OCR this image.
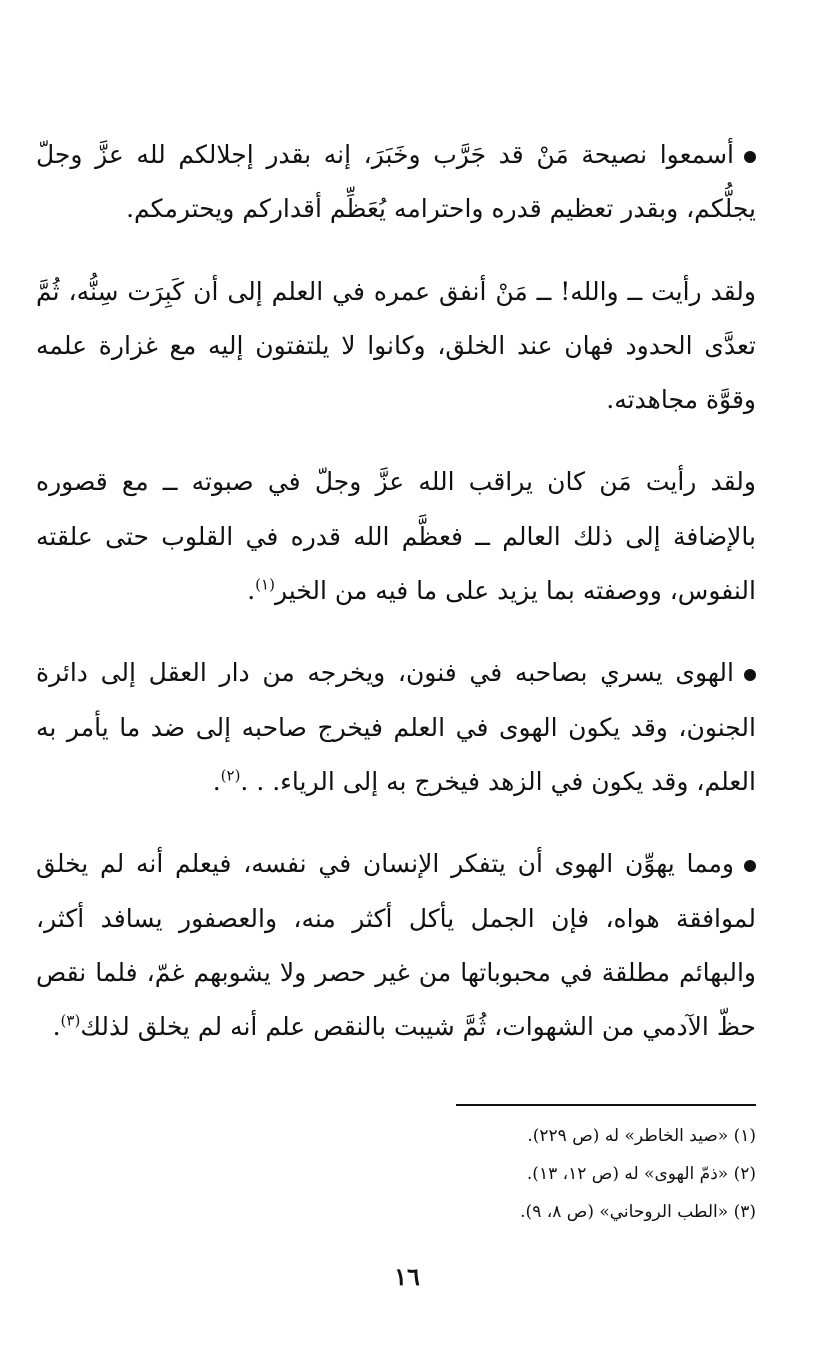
أسمعوا نصيحة مَنْ قد جَرَّب وخَبَرَ، إنه بقدر إجلالكم لله عزَّ وجلّ يجلُّكم، وبقدر تعظيم قدره واحترامه يُعَظِّم أقداركم ويحترمكم.

ولقد رأيت ــ والله! ــ مَنْ أنفق عمره في العلم إلى أن كَبِرَت سِنُّه، ثُمَّ تعدَّى الحدود فهان عند الخلق، وكانوا لا يلتفتون إليه مع غزارة علمه وقوَّة مجاهدته.

ولقد رأيت مَن كان يراقب الله عزَّ وجلّ في صبوته ــ مع قصوره بالإضافة إلى ذلك العالم ــ فعظَّم الله قدره في القلوب حتى علقته النفوس، ووصفته بما يزيد على ما فيه من الخير$^{(١)}$.

الهوى يسري بصاحبه في فنون، ويخرجه من دار العقل إلى دائرة الجنون، وقد يكون الهوى في العلم فيخرج صاحبه إلى ضد ما يأمر به العلم، وقد يكون في الزهد فيخرج به إلى الرياء. . .$^{(٢)}$.

ومما يهوِّن الهوى أن يتفكر الإنسان في نفسه، فيعلم أنه لم يخلق لموافقة هواه، فإن الجمل يأكل أكثر منه، والعصفور يسافد أكثر، والبهائم مطلقة في محبوباتها من غير حصر ولا يشوبهم غمّ، فلما نقص حظّ الآدمي من الشهوات، ثُمَّ شيبت بالنقص علم أنه لم يخلق لذلك$^{(٣)}$.

(١) «صيد الخاطر» له (ص ٢٢٩).
(٢) «ذمّ الهوى» له (ص ١٢، ١٣).
(٣) «الطب الروحاني» (ص ٨، ٩).
١٦
